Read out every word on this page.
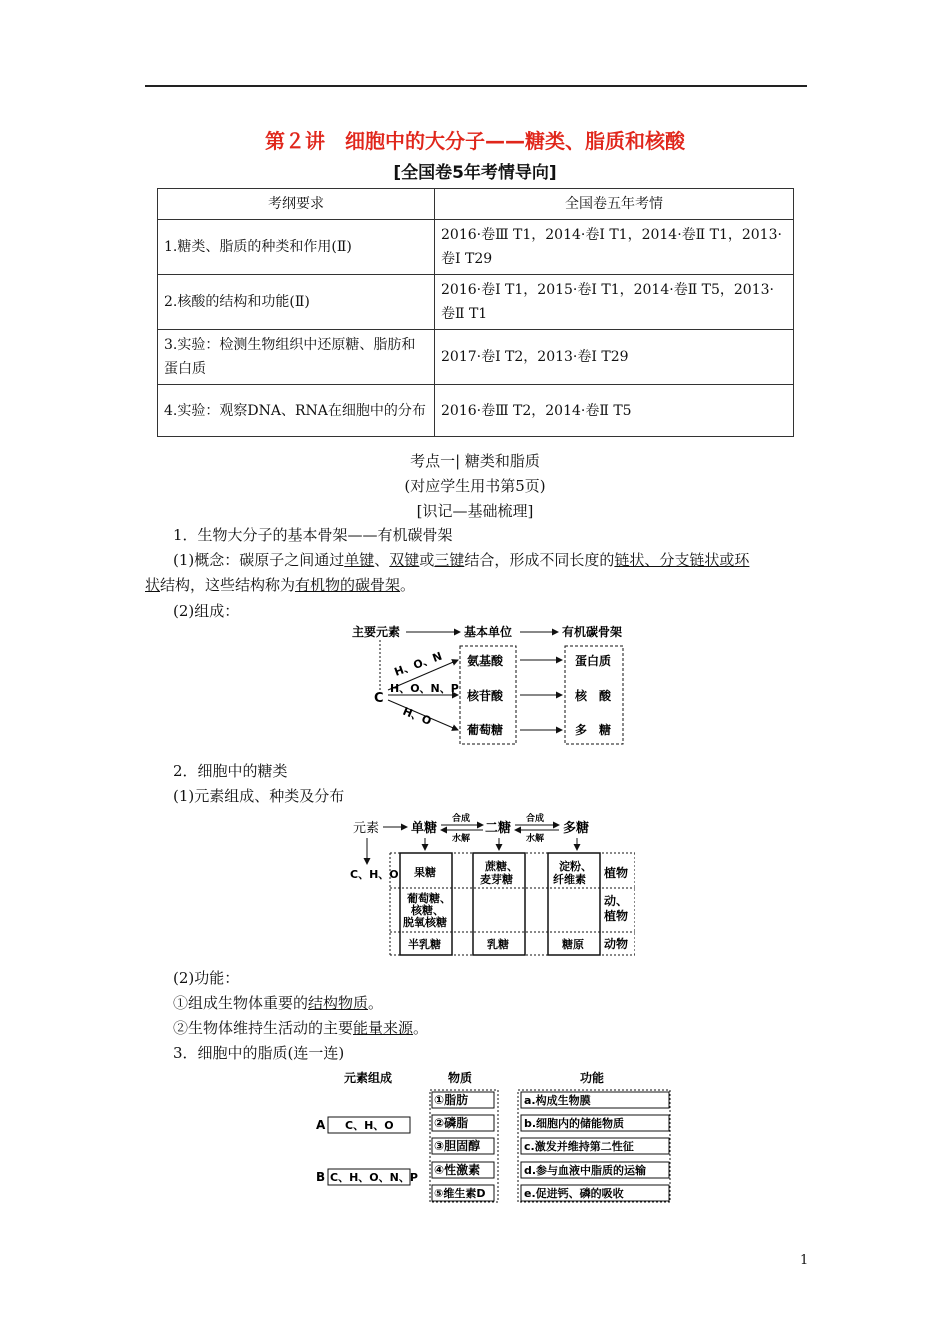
第２讲　细胞中的大分子——糖类、脂质和核酸
[全国卷5年考情导向]
考纲要求	全国卷五年考情
1.糖类、脂质的种类和作用(Ⅱ)	2016·卷Ⅲ T1，2014·卷Ⅰ T1，2014·卷Ⅱ T1，2013·卷Ⅰ T29
2.核酸的结构和功能(Ⅱ)	2016·卷Ⅰ T1，2015·卷Ⅰ T1，2014·卷Ⅱ T5，2013·卷Ⅱ T1
3.实验：检测生物组织中还原糖、脂肪和蛋白质	2017·卷Ⅰ T2，2013·卷Ⅰ T29
4.实验：观察DNA、RNA在细胞中的分布	2016·卷Ⅲ T2，2014·卷Ⅱ T5
考点一| 糖类和脂质
(对应学生用书第5页)
[识记—基础梳理]
1．生物大分子的基本骨架——有机碳骨架
(1)概念：碳原子之间通过单键、双键或三键结合，形成不同长度的链状、分支链状或环
状结构，这些结构称为有机物的碳骨架。
(2)组成：
主要元素	基本单位	有机碳骨架
C
H、O、N
H、O、N、P
H、O
氨基酸
核苷酸
葡萄糖
蛋白质
核　酸
多　糖
2．细胞中的糖类
(1)元素组成、种类及分布
元素
C、H、O
单糖
合成
水解
二糖
合成
水解
多糖
果糖
葡萄糖、
核糖、
脱氧核糖
半乳糖
蔗糖、
麦芽糖
乳糖
淀粉、
纤维素
糖原
植物
动、
植物
动物
(2)功能：
①组成生物体重要的结构物质。
②生物体维持生活动的主要能量来源。
3．细胞中的脂质(连一连)
元素组成	物质	功能
A C、H、O
B C、H、O、N、P
①脂肪
②磷脂
③胆固醇
④性激素
⑤维生素D
a.构成生物膜
b.细胞内的储能物质
c.激发并维持第二性征
d.参与血液中脂质的运输
e.促进钙、磷的吸收
1
